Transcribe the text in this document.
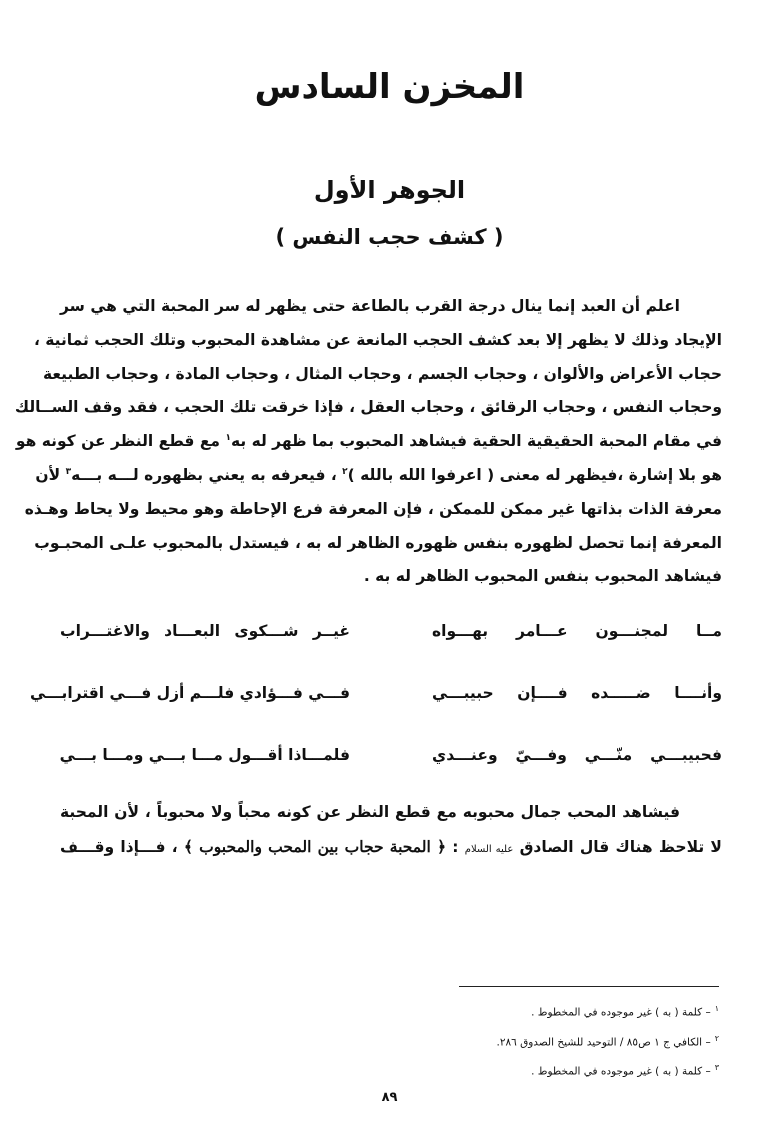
المخزن السادس
الجوهر الأول
( كشف حجب النفس )
اعلم أن العبد إنما ينال درجة القرب بالطاعة حتى يظهر له سر المحبة التي هي سر
الإيجاد وذلك لا يظهر إلا بعد كشف الحجب المانعة عن مشاهدة المحبوب وتلك الحجب ثمانية ،
حجاب الأعراض والألوان ، وحجاب الجسم ، وحجاب المثال ، وحجاب المادة ، وحجاب الطبيعة
وحجاب النفس ، وحجاب الرقائق ، وحجاب العقل ، فإذا خرقت تلك الحجب ، فقد وقف الســالك
في مقام المحبة الحقيقية الحقية فيشاهد المحبوب بما ظهر له به$^١$ مع قطع النظر عن كونه هو
هو بلا إشارة ،فيظهر له معنى ( اعرفوا الله بالله )$^٢$ ، فيعرفه به يعني بظهوره لـــه بـــه$^٣$ لأن
معرفة الذات بذاتها غير ممكن للممكن ، فإن المعرفة فرع الإحاطة وهو محيط ولا يحاط وهـذه
المعرفة إنما تحصل لظهوره بنفس ظهوره الظاهر له به ، فيستدل بالمحبوب علـى المحبـوب
فيشاهد المحبوب بنفس المحبوب الظاهر له به .
مــا لمجنـــون عـــامر بهـــواه
غيــر شـــكوى البعـــاد والاغتـــراب
وأنــــا ضـــــده فــــإن حبيبـــي
فـــي فـــؤادي فلـــم أزل فـــي اقترابـــي
فحبيبـــي منّـــي وفـــيّ وعنـــدي
فلمـــاذا أقـــول مـــا بـــي ومـــا بـــي
فيشاهد المحب جمال محبوبه مع قطع النظر عن كونه محباً ولا محبوباً ، لأن المحبة
لا تلاحظ هناك قال الصادق عليه السلام : ﴿ المحبة حجاب بين المحب والمحبوب ﴾ ، فـــإذا وقـــف
$^١$– كلمة ( به ) غير موجوده في المخطوط .
$^٢$– الكافي ج ١ ص٨٥ / التوحيد للشيخ الصدوق ٢٨٦.
$^٣$– كلمة ( به ) غير موجوده في المخطوط .
٨٩
